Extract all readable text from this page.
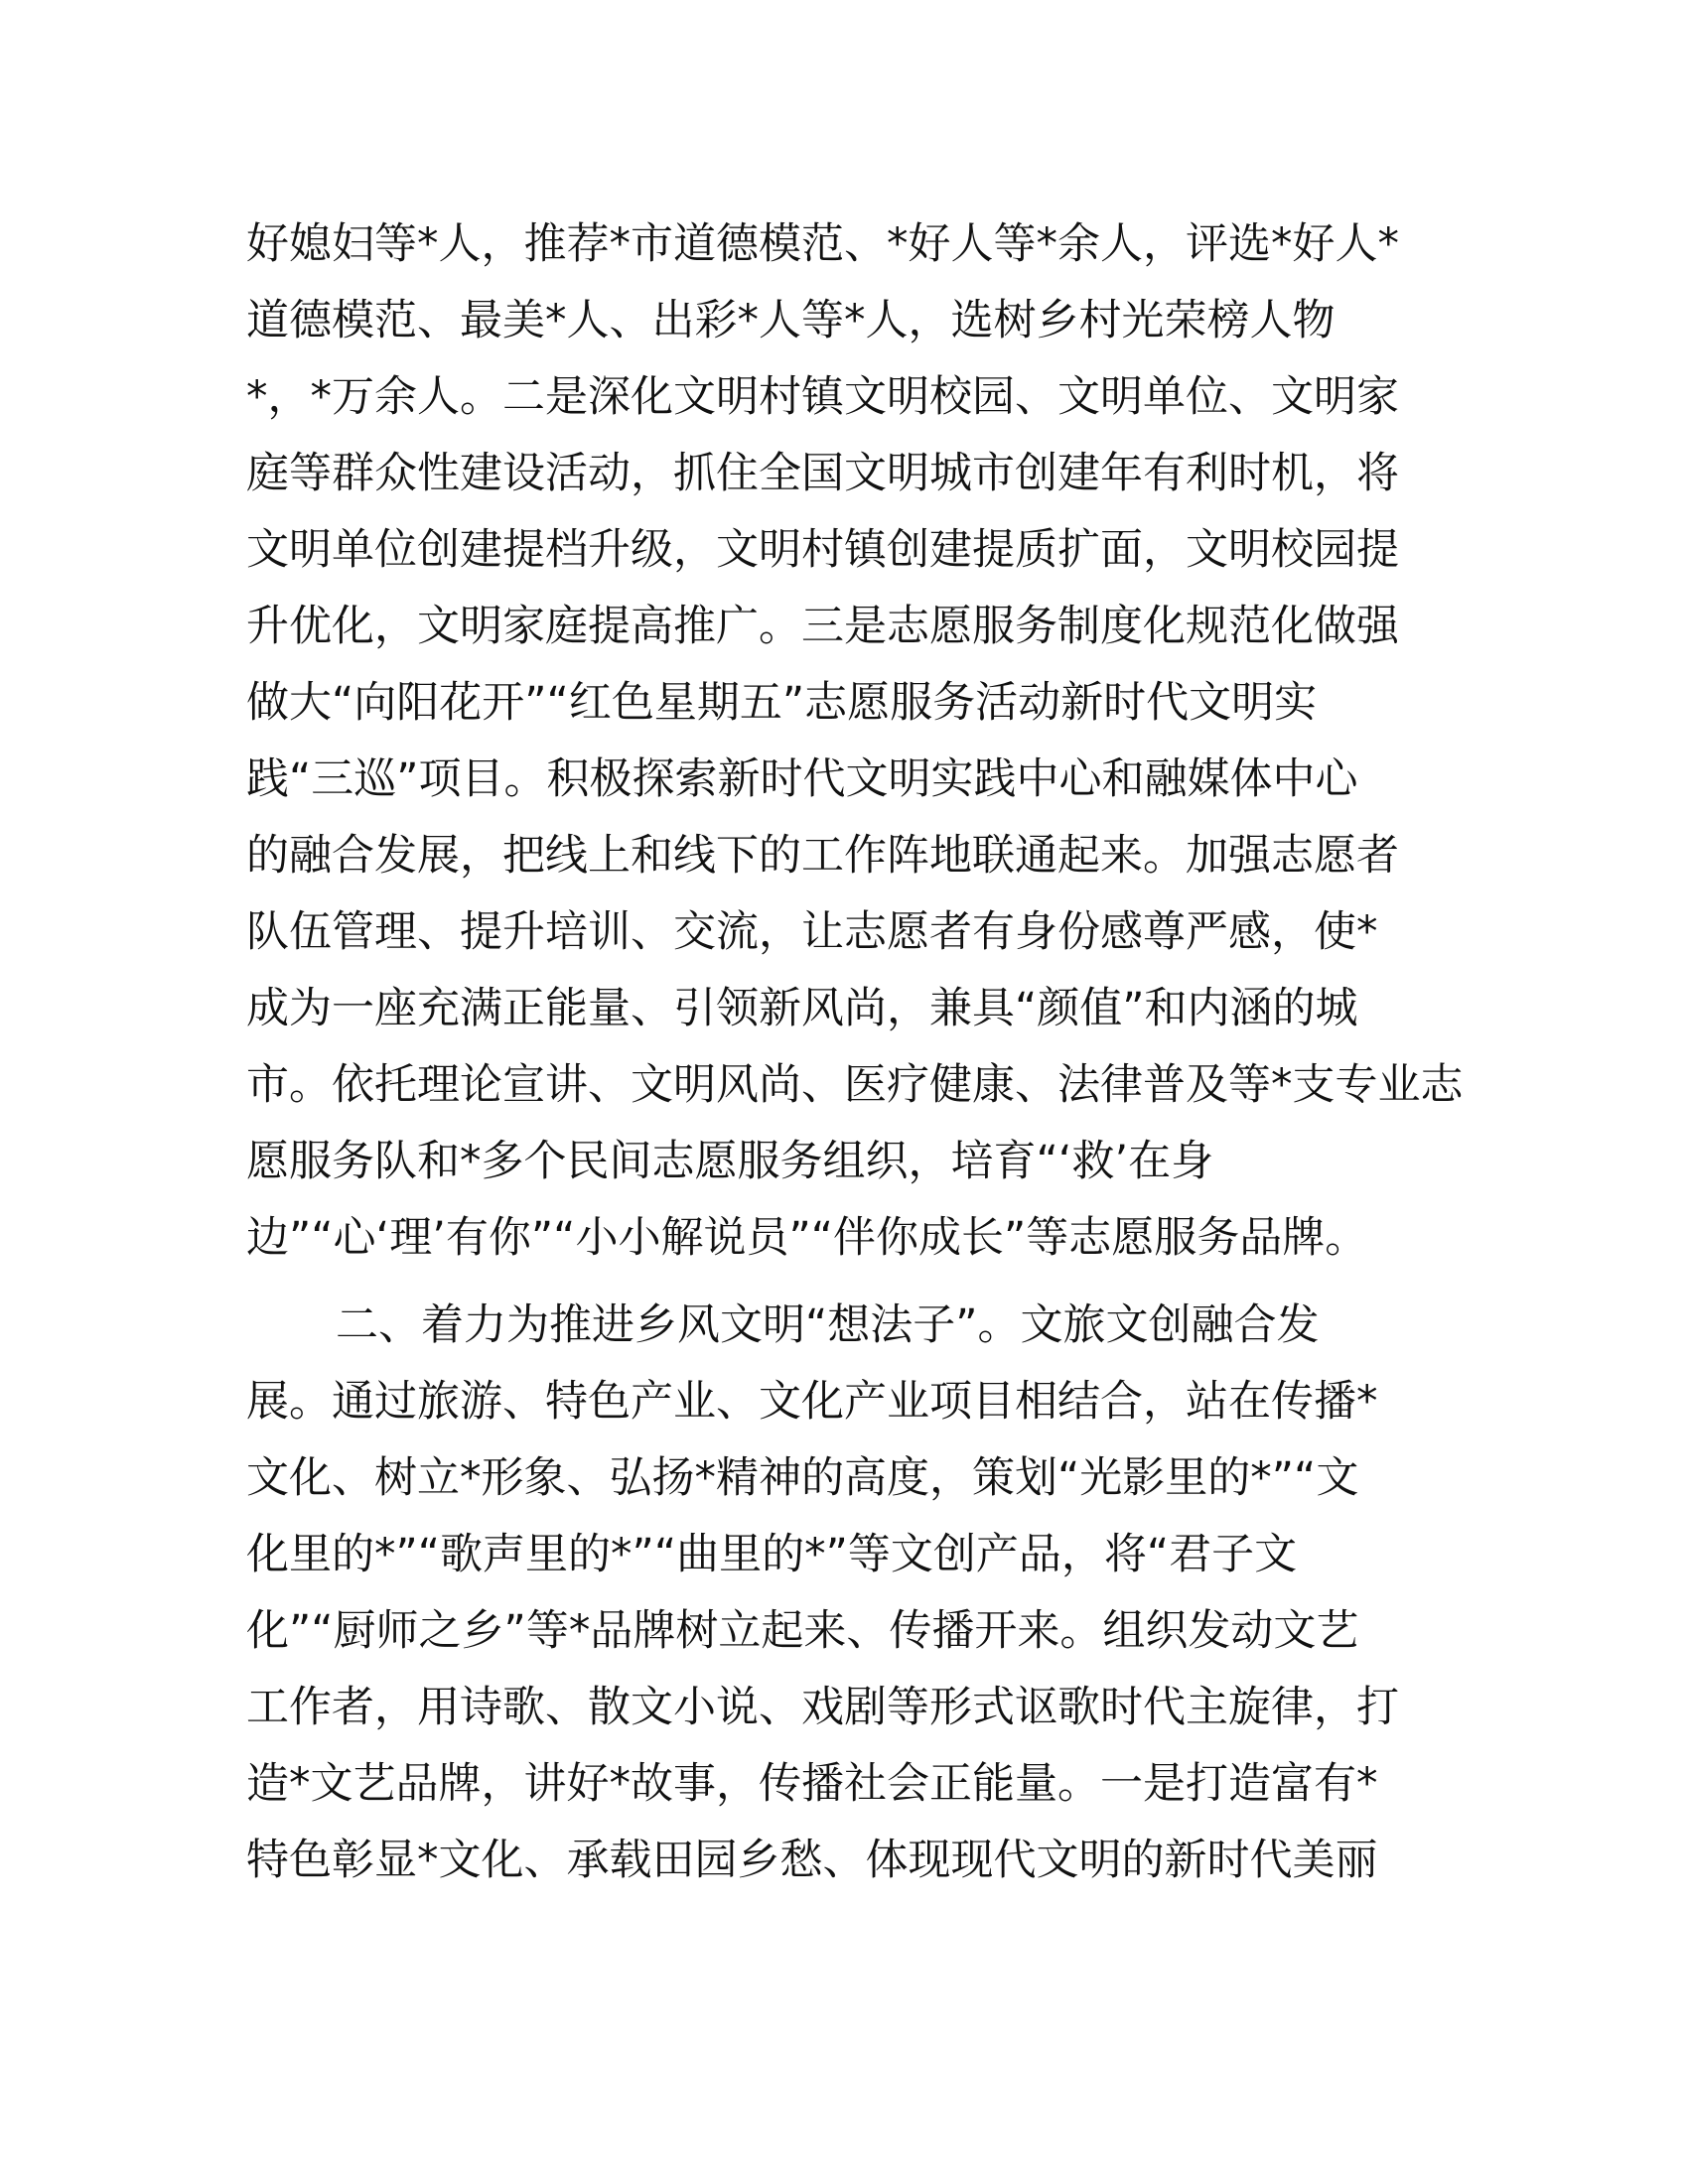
好媳妇等*人，推荐*市道德模范、*好人等*余人，评选*好人*
道德模范、最美*人、出彩*人等*人，选树乡村光荣榜人物
*，*万余人。二是深化文明村镇文明校园、文明单位、文明家
庭等群众性建设活动，抓住全国文明城市创建年有利时机，将
文明单位创建提档升级，文明村镇创建提质扩面，文明校园提
升优化，文明家庭提高推广。三是志愿服务制度化规范化做强
做大“向阳花开”“红色星期五”志愿服务活动新时代文明实
践“三巡”项目。积极探索新时代文明实践中心和融媒体中心
的融合发展，把线上和线下的工作阵地联通起来。加强志愿者
队伍管理、提升培训、交流，让志愿者有身份感尊严感，使*
成为一座充满正能量、引领新风尚，兼具“颜值”和内涵的城
市。依托理论宣讲、文明风尚、医疗健康、法律普及等*支专业志
愿服务队和*多个民间志愿服务组织，培育“‘救’在身
边”“心‘理’有你”“小小解说员”“伴你成长”等志愿服务品牌。
二、着力为推进乡风文明“想法子”。文旅文创融合发
展。通过旅游、特色产业、文化产业项目相结合，站在传播*
文化、树立*形象、弘扬*精神的高度，策划“光影里的*”“文
化里的*”“歌声里的*”“曲里的*”等文创产品，将“君子文
化”“厨师之乡”等*品牌树立起来、传播开来。组织发动文艺
工作者，用诗歌、散文小说、戏剧等形式讴歌时代主旋律，打
造*文艺品牌，讲好*故事，传播社会正能量。一是打造富有*
特色彰显*文化、承载田园乡愁、体现现代文明的新时代美丽
